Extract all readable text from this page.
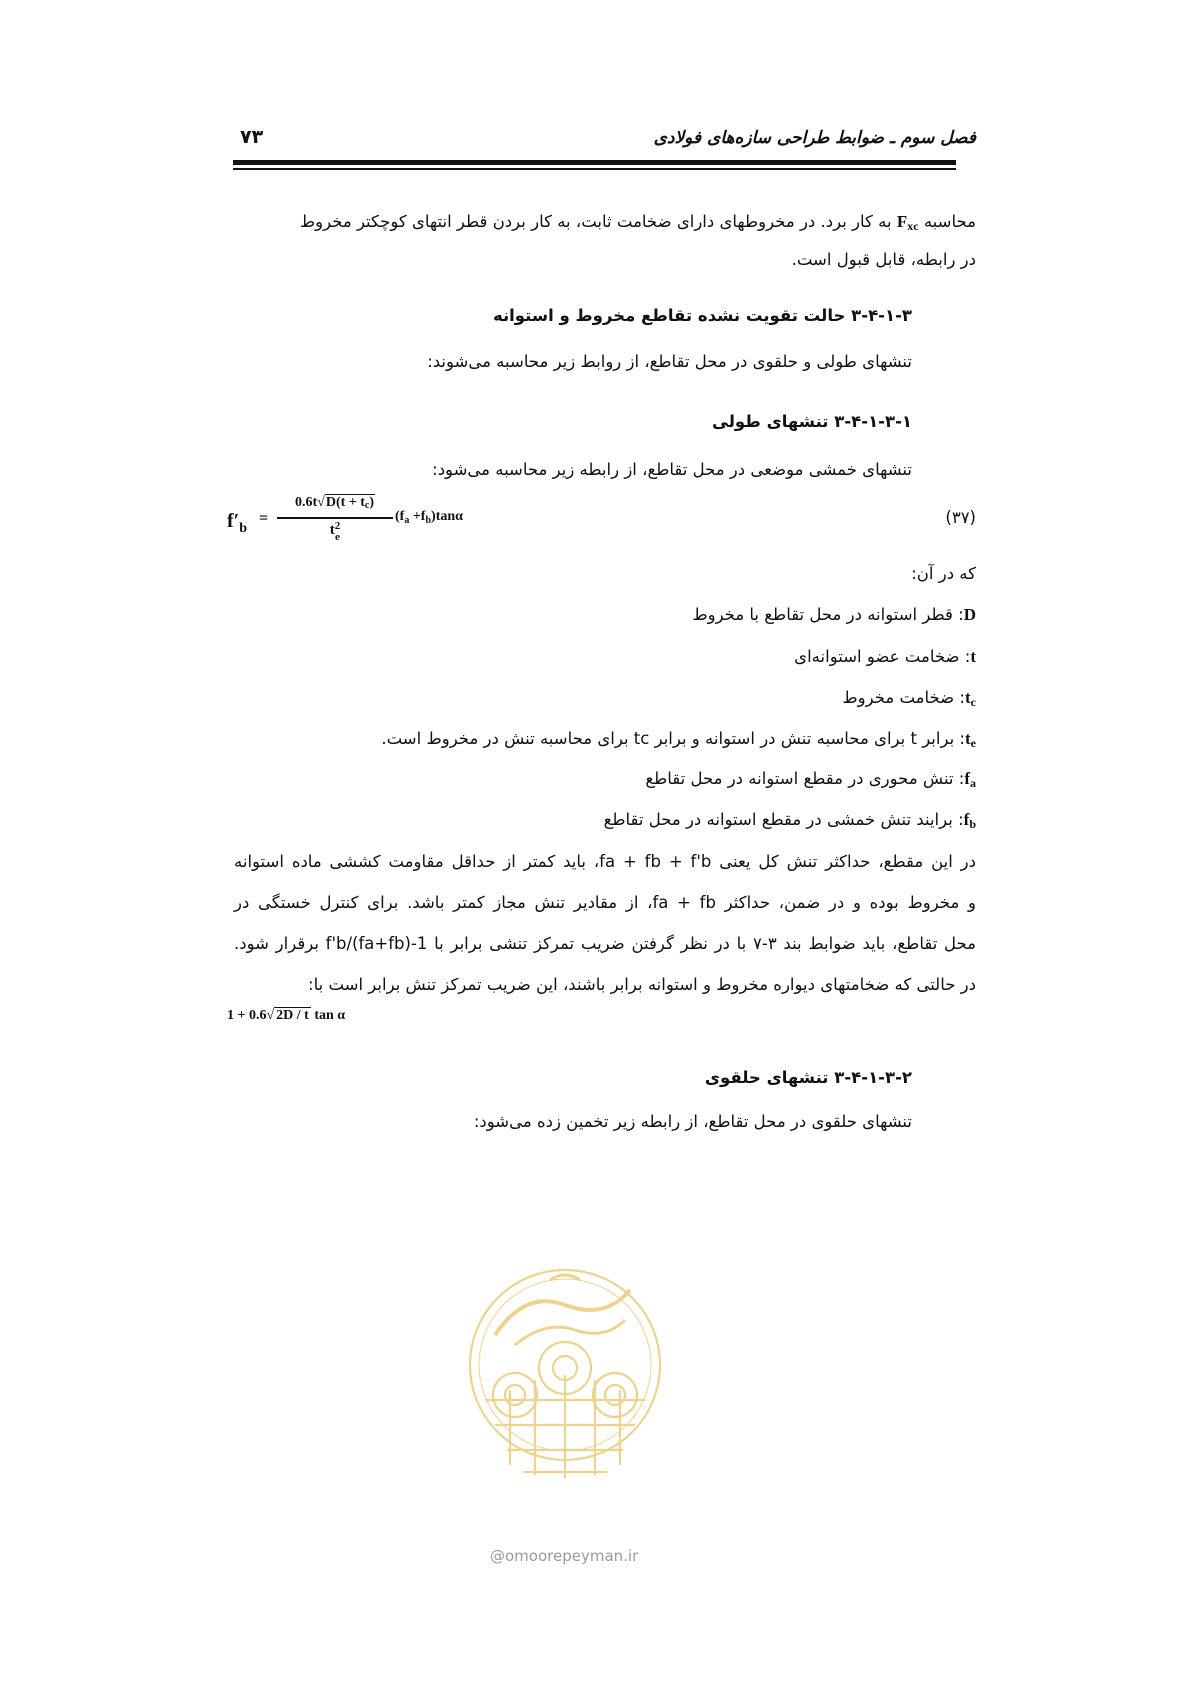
فصل سوم ـ ضوابط طراحی سازه‌های فولادی
۷۳
محاسبه $F_{xc}$ به کار برد. در مخروطهای دارای ضخامت ثابت، به کار بردن قطر انتهای کوچکتر مخروط
در رابطه، قابل قبول است.
۳-۴-۱-۳ حالت تقویت نشده تقاطع مخروط و استوانه
تنشهای طولی و حلقوی در محل تقاطع، از روابط زیر محاسبه می‌شوند:
۳-۴-۱-۳-۱ تنشهای طولی
تنشهای خمشی موضعی در محل تقاطع، از رابطه زیر محاسبه می‌شود:
$f'_b$
=
0.6t√D(t + tc)
t 2
e
$(f_a +f_b)\tan\alpha$	(۳۷)
که در آن:
D: قطر استوانه در محل تقاطع با مخروط
t: ضخامت عضو استوانه‌ای
$t_c$: ضخامت مخروط
$t_e$: برابر t برای محاسبه تنش در استوانه و برابر tc برای محاسبه تنش در مخروط است.
$f_a$: تنش محوری در مقطع استوانه در محل تقاطع
$f_b$: برایند تنش خمشی در مقطع استوانه در محل تقاطع
در این مقطع، حداکثر تنش کل یعنی fa + fb + f'b، باید کمتر از حداقل مقاومت کششی ماده استوانه
و مخروط بوده و در ضمن، حداکثر fa + fb، از مقادیر تنش مجاز کمتر باشد. برای کنترل خستگی در
محل تقاطع، باید ضوابط بند ۳-۷ با در نظر گرفتن ضریب تمرکز تنشی برابر با 1-f'b/(fa+fb) برقرار شود.
در حالتی که ضخامتهای دیواره مخروط و استوانه برابر باشند، این ضریب تمرکز تنش برابر است با:
1 + 0.6√ 2D / t tan α
۳-۴-۱-۳-۲ تنشهای حلقوی
تنشهای حلقوی در محل تقاطع، از رابطه زیر تخمین زده می‌شود:
@omoorepeyman.ir
